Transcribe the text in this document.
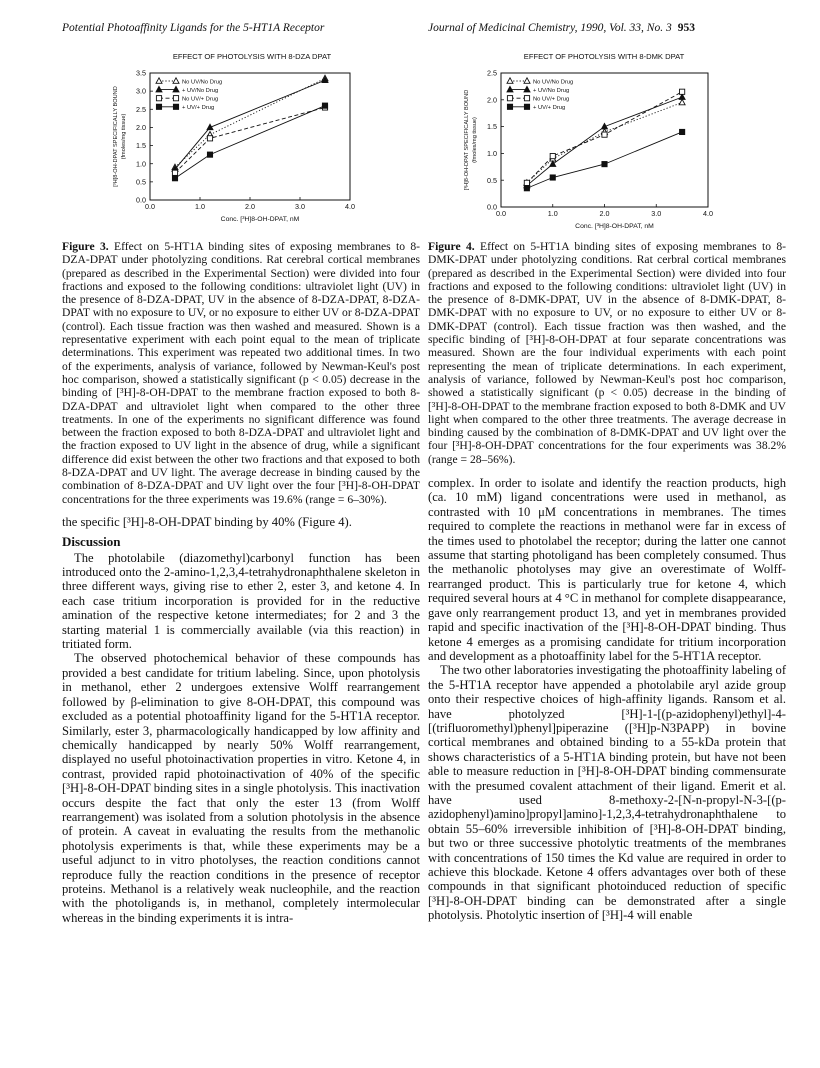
Potential Photoaffinity Ligands for the 5-HT1A Receptor	Journal of Medicinal Chemistry, 1990, Vol. 33, No. 3 953
EFFECT OF PHOTOLYSIS WITH 8-DZA DPAT
0.0
0.5
1.0
1.5
2.0
2.5
3.0
3.5
0.0	1.0	2.0	3.0	4.0
Conc. [³H]8-OH-DPAT, nM
[³H]8-OH-DPAT SPECIFICALLY BOUND (fmoles/mg tissue)
No UV/No Drug
+ UV/No Drug
No UV/+ Drug
+ UV/+ Drug
EFFECT OF PHOTOLYSIS WITH 8-DMK DPAT
0.0
0.5
1.0
1.5
2.0
2.5
0.0	1.0	2.0	3.0	4.0
Conc. [³H]8-OH-DPAT, nM
[³H]8-OH-DPAT SPECIFICALLY BOUND (fmoles/mg tissue)
No UV/No Drug
+ UV/No Drug
No UV/+ Drug
+ UV/+ Drug

Figure 3. Effect on 5-HT1A binding sites of exposing membranes to 8-DZA-DPAT under photolyzing conditions. Rat cerebral cortical membranes (prepared as described in the Experimental Section) were divided into four fractions and exposed to the following conditions: ultraviolet light (UV) in the presence of 8-DZA-DPAT, UV in the absence of 8-DZA-DPAT, 8-DZA-DPAT with no exposure to UV, or no exposure to either UV or 8-DZA-DPAT (control). Each tissue fraction was then washed and measured. Shown is a representative experiment with each point equal to the mean of triplicate determinations. This experiment was repeated two additional times. In two of the experiments, analysis of variance, followed by Newman-Keul's post hoc comparison, showed a statistically significant (p < 0.05) decrease in the binding of [³H]-8-OH-DPAT to the membrane fraction exposed to both 8-DZA-DPAT and ultraviolet light when compared to the other three treatments. In one of the experiments no significant difference was found between the fraction exposed to both 8-DZA-DPAT and ultraviolet light and the fraction exposed to UV light in the absence of drug, while a significant difference did exist between the other two fractions and that exposed to both 8-DZA-DPAT and UV light. The average decrease in binding caused by the combination of 8-DZA-DPAT and UV light over the four [³H]-8-OH-DPAT concentrations for the three experiments was 19.6% (range = 6–30%).

the specific [³H]-8-OH-DPAT binding by 40% (Figure 4).

Discussion

The photolabile (diazomethyl)carbonyl function has been introduced onto the 2-amino-1,2,3,4-tetrahydronaphthalene skeleton in three different ways, giving rise to ether 2, ester 3, and ketone 4. In each case tritium incorporation is provided for in the reductive amination of the respective ketone intermediates; for 2 and 3 the starting material 1 is commercially available (via this reaction) in tritiated form.

The observed photochemical behavior of these compounds has provided a best candidate for tritium labeling. Since, upon photolysis in methanol, ether 2 undergoes extensive Wolff rearrangement followed by β-elimination to give 8-OH-DPAT, this compound was excluded as a potential photoaffinity ligand for the 5-HT1A receptor. Similarly, ester 3, pharmacologically handicapped by low affinity and chemically handicapped by nearly 50% Wolff rearrangement, displayed no useful photoinactivation properties in vitro. Ketone 4, in contrast, provided rapid photoinactivation of 40% of the specific [³H]-8-OH-DPAT binding sites in a single photolysis. This inactivation occurs despite the fact that only the ester 13 (from Wolff rearrangement) was isolated from a solution photolysis in the absence of protein. A caveat in evaluating the results from the methanolic photolysis experiments is that, while these experiments may be a useful adjunct to in vitro photolyses, the reaction conditions cannot reproduce fully the reaction conditions in the presence of receptor proteins. Methanol is a relatively weak nucleophile, and the reaction with the photoligands is, in methanol, completely intermolecular whereas in the binding experiments it is intra-

Figure 4. Effect on 5-HT1A binding sites of exposing membranes to 8-DMK-DPAT under photolyzing conditions. Rat cerbral cortical membranes (prepared as described in the Experimental Section) were divided into four fractions and exposed to the following conditions: ultraviolet light (UV) in the presence of 8-DMK-DPAT, UV in the absence of 8-DMK-DPAT, 8-DMK-DPAT with no exposure to UV, or no exposure to either UV or 8-DMK-DPAT (control). Each tissue fraction was then washed, and the specific binding of [³H]-8-OH-DPAT at four separate concentrations was measured. Shown are the four individual experiments with each point representing the mean of triplicate determinations. In each experiment, analysis of variance, followed by Newman-Keul's post hoc comparison, showed a statistically significant (p < 0.05) decrease in the binding of [³H]-8-OH-DPAT to the membrane fraction exposed to both 8-DMK and UV light when compared to the other three treatments. The average decrease in binding caused by the combination of 8-DMK-DPAT and UV light over the four [³H]-8-OH-DPAT concentrations for the four experiments was 38.2% (range = 28–56%).

complex. In order to isolate and identify the reaction products, high (ca. 10 mM) ligand concentrations were used in methanol, as contrasted with 10 μM concentrations in membranes. The times required to complete the reactions in methanol were far in excess of the times used to photolabel the receptor; during the latter one cannot assume that starting photoligand has been completely consumed. Thus the methanolic photolyses may give an overestimate of Wolff-rearranged product. This is particularly true for ketone 4, which required several hours at 4 °C in methanol for complete disappearance, gave only rearrangement product 13, and yet in membranes provided rapid and specific inactivation of the [³H]-8-OH-DPAT binding. Thus ketone 4 emerges as a promising candidate for tritium incorporation and development as a photoaffinity label for the 5-HT1A receptor.

The two other laboratories investigating the photoaffinity labeling of the 5-HT1A receptor have appended a photolabile aryl azide group onto their respective choices of high-affinity ligands. Ransom et al. have photolyzed [³H]-1-[(p-azidophenyl)ethyl]-4-[(trifluoromethyl)phenyl]piperazine ([³H]p-N3PAPP) in bovine cortical membranes and obtained binding to a 55-kDa protein that shows characteristics of a 5-HT1A binding protein, but have not been able to measure reduction in [³H]-8-OH-DPAT binding commensurate with the presumed covalent attachment of their ligand. Emerit et al. have used 8-methoxy-2-[N-n-propyl-N-3-[(p-azidophenyl)amino]propyl]amino]-1,2,3,4-tetrahydronaphthalene to obtain 55–60% irreversible inhibition of [³H]-8-OH-DPAT binding, but two or three successive photolytic treatments of the membranes with concentrations of 150 times the Kd value are required in order to achieve this blockade. Ketone 4 offers advantages over both of these compounds in that significant photoinduced reduction of specific [³H]-8-OH-DPAT binding can be demonstrated after a single photolysis. Photolytic insertion of [³H]-4 will enable
